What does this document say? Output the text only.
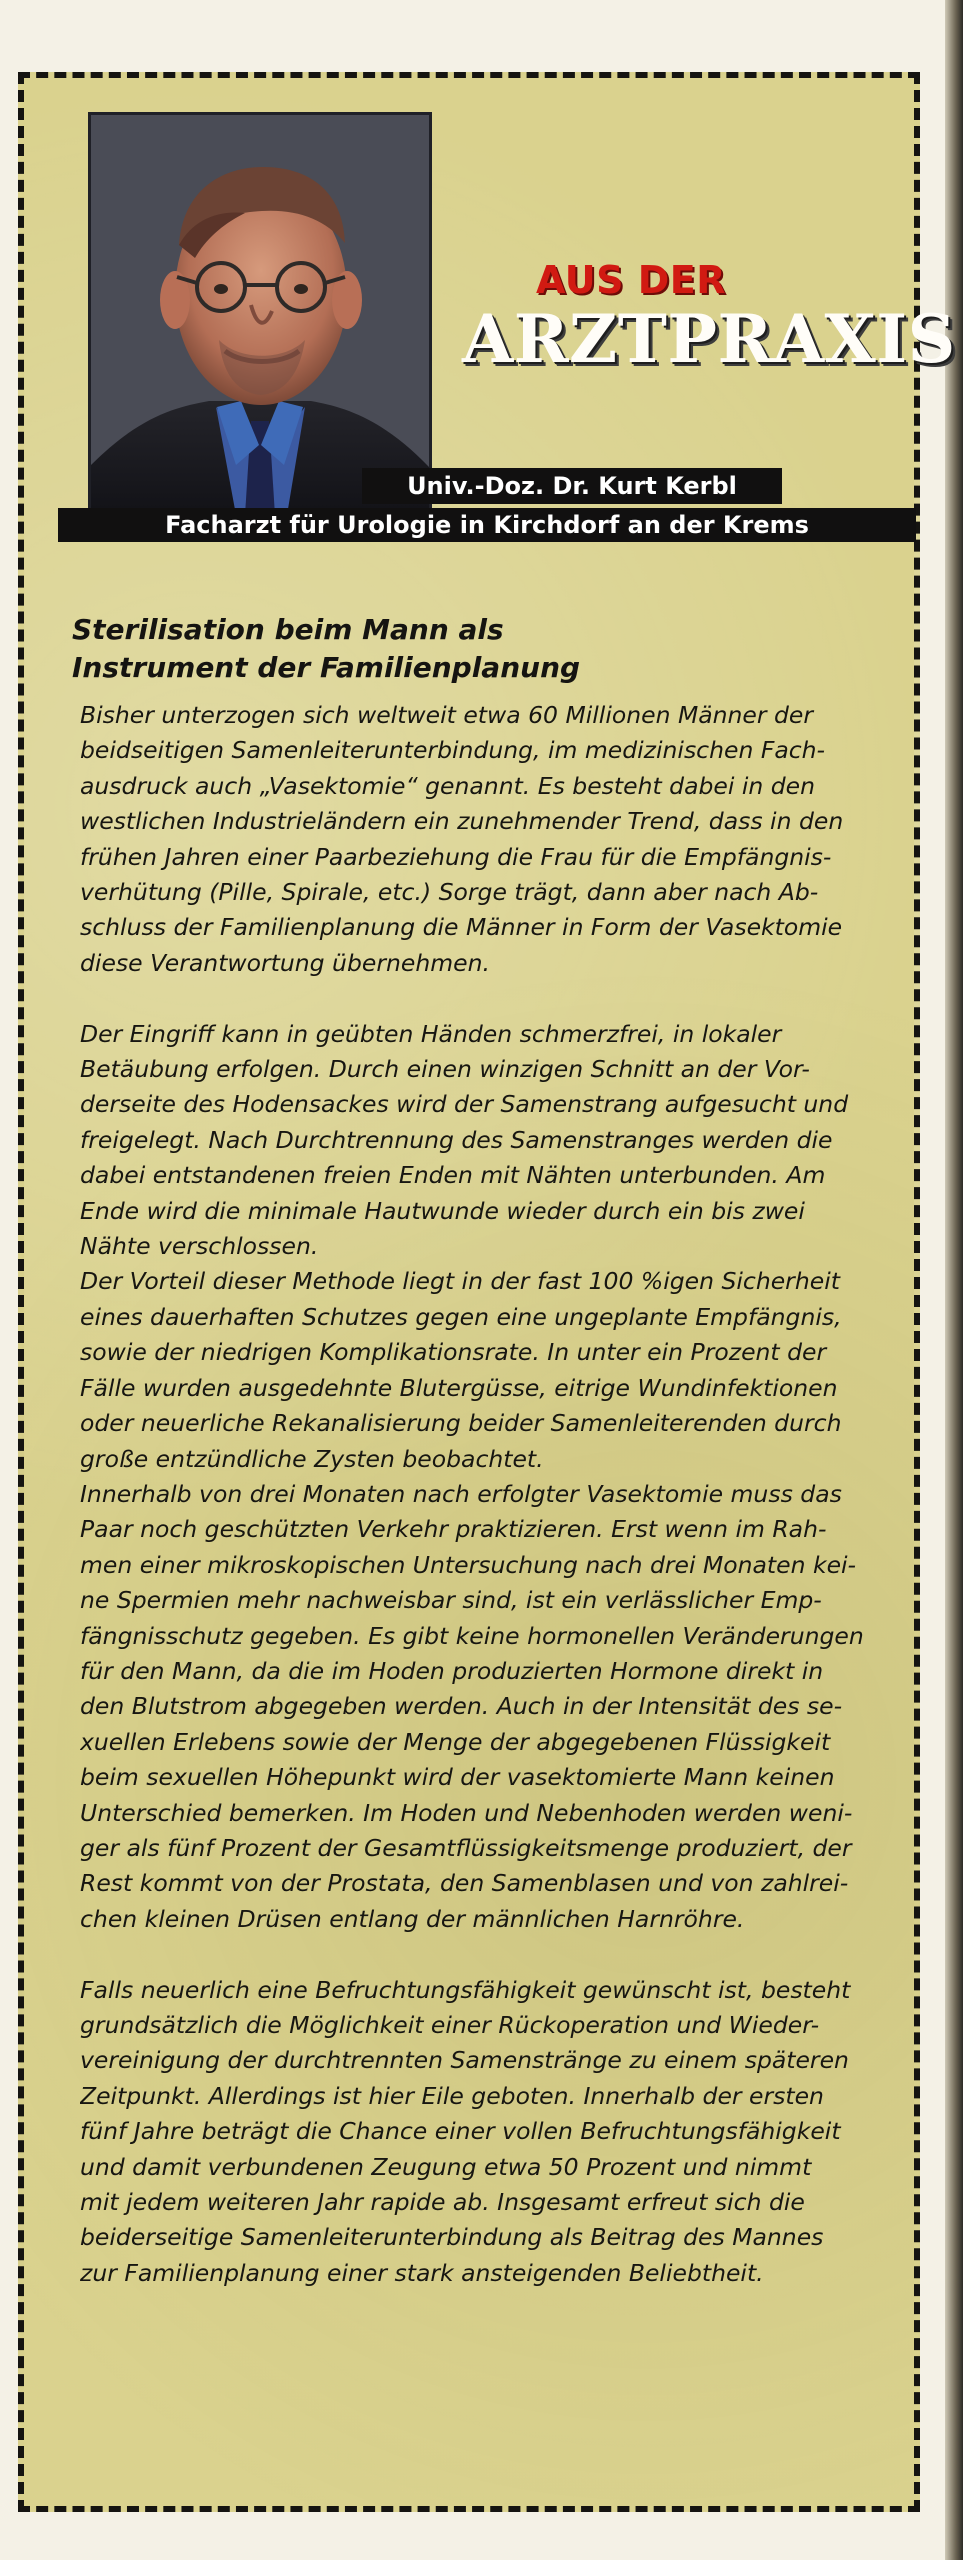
AUS DER
ARZTPRAXIS
Univ.-Doz. Dr. Kurt Kerbl
Facharzt für Urologie in Kirchdorf an der Krems
Sterilisation beim Mann als
Instrument der Familienplanung
Bisher unterzogen sich weltweit etwa 60 Millionen Männer der
beidseitigen Samenleiterunterbindung, im medizinischen Fach-
ausdruck auch „Vasektomie“ genannt. Es besteht dabei in den
westlichen Industrieländern ein zunehmender Trend, dass in den
frühen Jahren einer Paarbeziehung die Frau für die Empfängnis-
verhütung (Pille, Spirale, etc.) Sorge trägt, dann aber nach Ab-
schluss der Familienplanung die Männer in Form der Vasektomie
diese Verantwortung übernehmen.
Der Eingriff kann in geübten Händen schmerzfrei, in lokaler
Betäubung erfolgen. Durch einen winzigen Schnitt an der Vor-
derseite des Hodensackes wird der Samenstrang aufgesucht und
freigelegt. Nach Durchtrennung des Samenstranges werden die
dabei entstandenen freien Enden mit Nähten unterbunden. Am
Ende wird die minimale Hautwunde wieder durch ein bis zwei
Nähte verschlossen.
Der Vorteil dieser Methode liegt in der fast 100 %igen Sicherheit
eines dauerhaften Schutzes gegen eine ungeplante Empfängnis,
sowie der niedrigen Komplikationsrate. In unter ein Prozent der
Fälle wurden ausgedehnte Blutergüsse, eitrige Wundinfektionen
oder neuerliche Rekanalisierung beider Samenleiterenden durch
große entzündliche Zysten beobachtet.
Innerhalb von drei Monaten nach erfolgter Vasektomie muss das
Paar noch geschützten Verkehr praktizieren. Erst wenn im Rah-
men einer mikroskopischen Untersuchung nach drei Monaten kei-
ne Spermien mehr nachweisbar sind, ist ein verlässlicher Emp-
fängnisschutz gegeben. Es gibt keine hormonellen Veränderungen
für den Mann, da die im Hoden produzierten Hormone direkt in
den Blutstrom abgegeben werden. Auch in der Intensität des se-
xuellen Erlebens sowie der Menge der abgegebenen Flüssigkeit
beim sexuellen Höhepunkt wird der vasektomierte Mann keinen
Unterschied bemerken. Im Hoden und Nebenhoden werden weni-
ger als fünf Prozent der Gesamtflüssigkeitsmenge produziert, der
Rest kommt von der Prostata, den Samenblasen und von zahlrei-
chen kleinen Drüsen entlang der männlichen Harnröhre.
Falls neuerlich eine Befruchtungsfähigkeit gewünscht ist, besteht
grundsätzlich die Möglichkeit einer Rückoperation und Wieder-
vereinigung der durchtrennten Samenstränge zu einem späteren
Zeitpunkt. Allerdings ist hier Eile geboten. Innerhalb der ersten
fünf Jahre beträgt die Chance einer vollen Befruchtungsfähigkeit
und damit verbundenen Zeugung etwa 50 Prozent und nimmt
mit jedem weiteren Jahr rapide ab. Insgesamt erfreut sich die
beiderseitige Samenleiterunterbindung als Beitrag des Mannes
zur Familienplanung einer stark ansteigenden Beliebtheit.
